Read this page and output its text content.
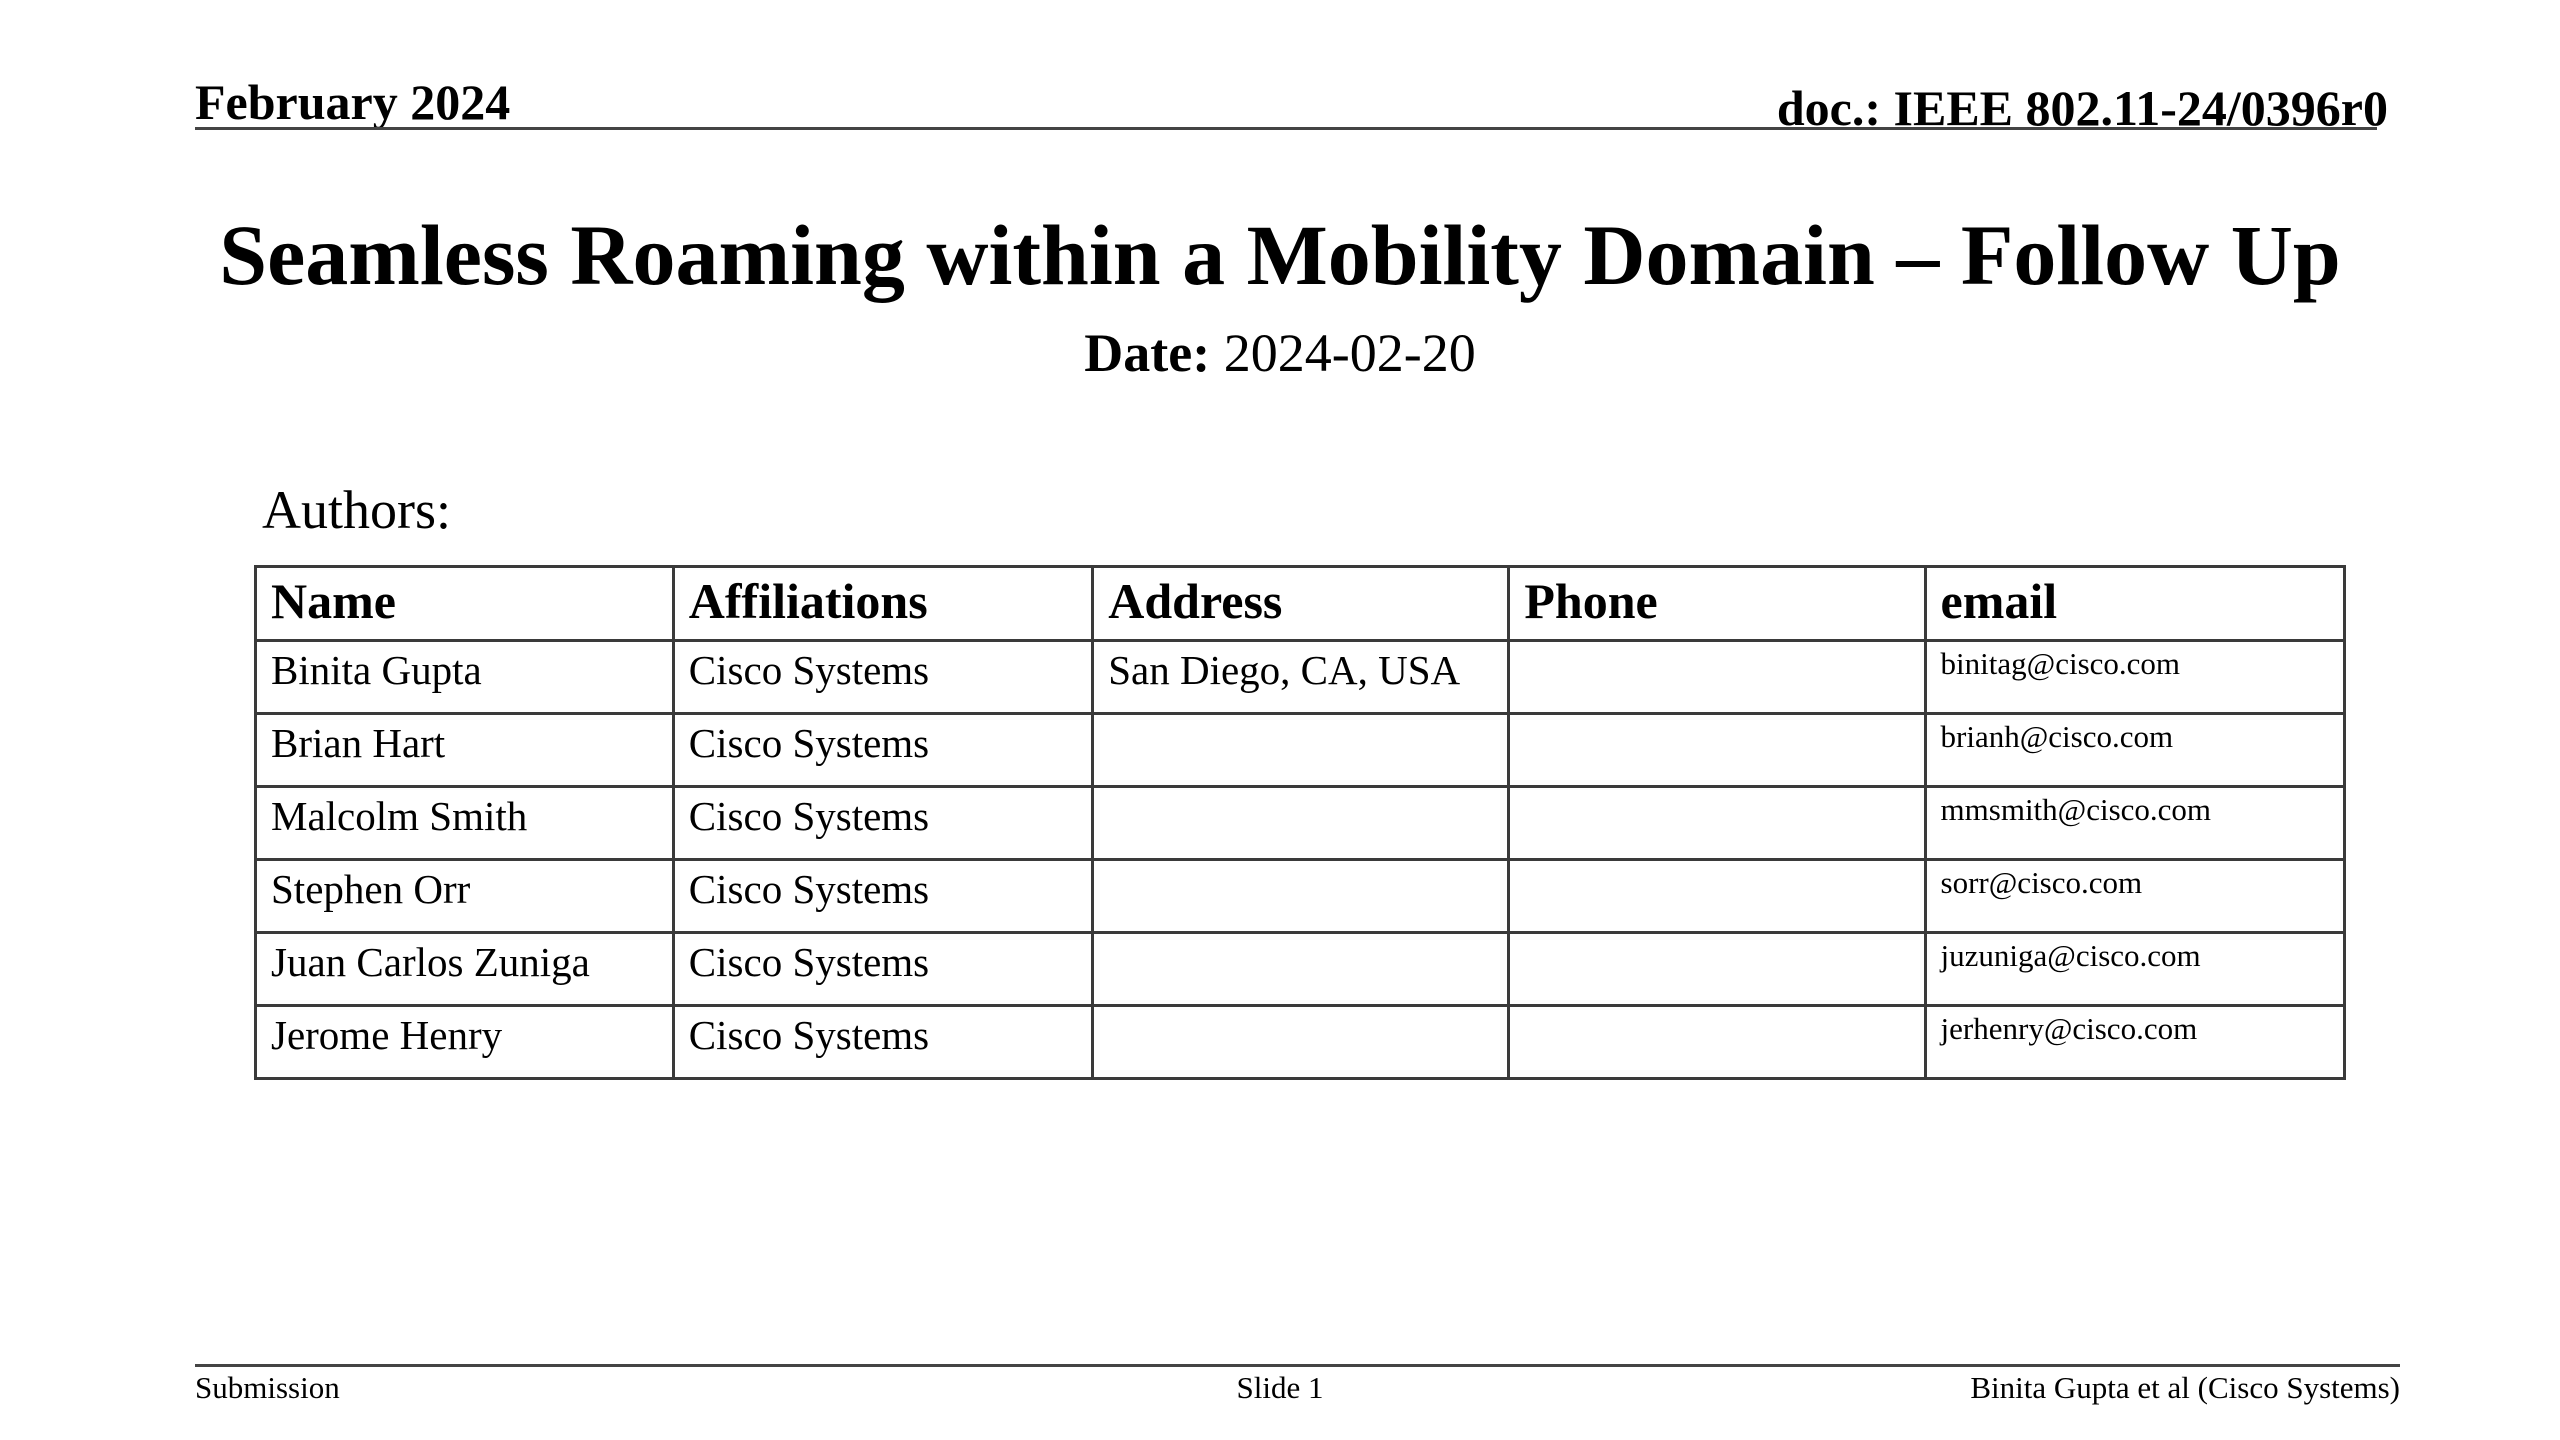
February 2024	doc.: IEEE 802.11-24/0396r0
Seamless Roaming within a Mobility Domain – Follow Up
Date: 2024-02-20
Authors:
Name	Affiliations	Address	Phone	email
Binita Gupta	Cisco Systems	San Diego, CA, USA		binitag@cisco.com
Brian Hart	Cisco Systems			brianh@cisco.com
Malcolm Smith	Cisco Systems			mmsmith@cisco.com
Stephen Orr	Cisco Systems			sorr@cisco.com
Juan Carlos Zuniga	Cisco Systems			juzuniga@cisco.com
Jerome Henry	Cisco Systems			jerhenry@cisco.com
Submission	Slide 1	Binita Gupta et al (Cisco Systems)
